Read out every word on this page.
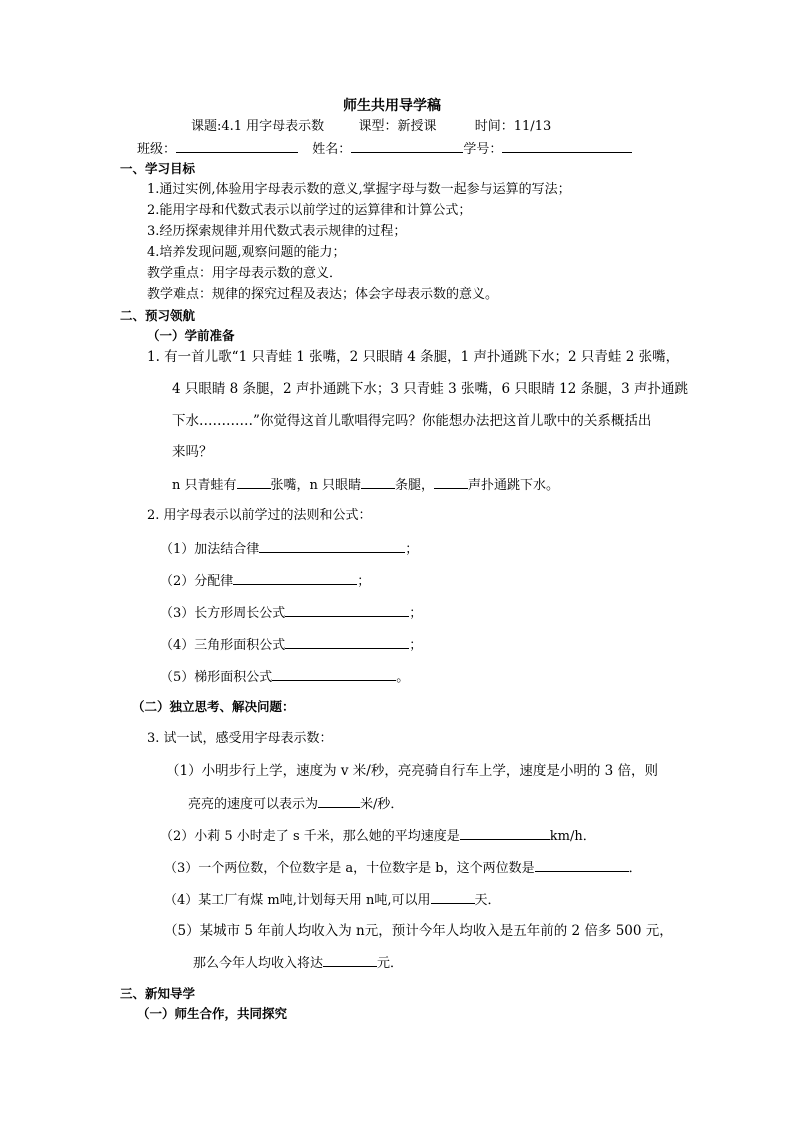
师生共用导学稿
课题:4.1 用字母表示数	课型：新授课	时间：11/13
班级：	姓名：	学号：
一、学习目标
1.通过实例,体验用字母表示数的意义,掌握字母与数一起参与运算的写法；
2.能用字母和代数式表示以前学过的运算律和计算公式；
3.经历探索规律并用代数式表示规律的过程；
4.培养发现问题,观察问题的能力；
教学重点：用字母表示数的意义．
教学难点：规律的探究过程及表达；体会字母表示数的意义。
二、预习领航
（一）学前准备
1. 有一首儿歌“1 只青蛙 1 张嘴，2 只眼睛 4 条腿，1 声扑通跳下水；2 只青蛙 2 张嘴，
4 只眼睛 8 条腿，2 声扑通跳下水；3 只青蛙 3 张嘴，6 只眼睛 12 条腿，3 声扑通跳
下水…………”你觉得这首儿歌唱得完吗？你能想办法把这首儿歌中的关系概括出
来吗？
n 只青蛙有	张嘴，n 只眼睛	条腿，	声扑通跳下水。
2. 用字母表示以前学过的法则和公式：
（1）加法结合律	；
（2）分配律	；
（3）长方形周长公式	；
（4）三角形面积公式	；
（5）梯形面积公式	。
（二）独立思考、解决问题：
3. 试一试，感受用字母表示数：
（1）小明步行上学，速度为 v 米/秒，亮亮骑自行车上学，速度是小明的 3 倍，则
亮亮的速度可以表示为	米/秒．
（2）小莉 5 小时走了 s 千米，那么她的平均速度是	km/h．
（3）一个两位数，个位数字是 a，十位数字是 b，这个两位数是	．
（4）某工厂有煤 m吨,计划每天用 n吨,可以用	天．
（5）某城市 5 年前人均收入为 n元，预计今年人均收入是五年前的 2 倍多 500 元，
那么今年人均收入将达	元．
三、新知导学
（一）师生合作，共同探究
